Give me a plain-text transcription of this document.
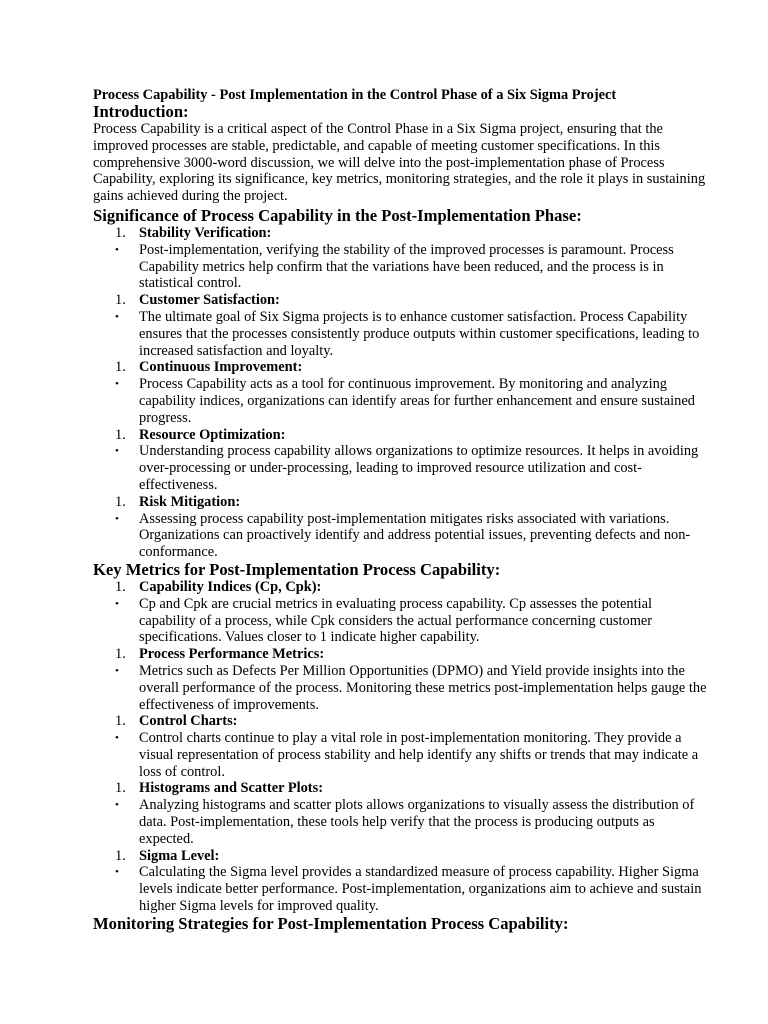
Process Capability - Post Implementation in the Control Phase of a Six Sigma Project
Introduction:

Process Capability is a critical aspect of the Control Phase in a Six Sigma project, ensuring that the improved processes are stable, predictable, and capable of meeting customer specifications. In this comprehensive 3000-word discussion, we will delve into the post-implementation phase of Process Capability, exploring its significance, key metrics, monitoring strategies, and the role it plays in sustaining gains achieved during the project.

Significance of Process Capability in the Post-Implementation Phase:
1. Stability Verification:
• Post-implementation, verifying the stability of the improved processes is paramount. Process Capability metrics help confirm that the variations have been reduced, and the process is in statistical control.
1. Customer Satisfaction:
• The ultimate goal of Six Sigma projects is to enhance customer satisfaction. Process Capability ensures that the processes consistently produce outputs within customer specifications, leading to increased satisfaction and loyalty.
1. Continuous Improvement:
• Process Capability acts as a tool for continuous improvement. By monitoring and analyzing capability indices, organizations can identify areas for further enhancement and ensure sustained progress.
1. Resource Optimization:
• Understanding process capability allows organizations to optimize resources. It helps in avoiding over-processing or under-processing, leading to improved resource utilization and cost-effectiveness.
1. Risk Mitigation:
• Assessing process capability post-implementation mitigates risks associated with variations. Organizations can proactively identify and address potential issues, preventing defects and non-conformance.
Key Metrics for Post-Implementation Process Capability:
1. Capability Indices (Cp, Cpk):
• Cp and Cpk are crucial metrics in evaluating process capability. Cp assesses the potential capability of a process, while Cpk considers the actual performance concerning customer specifications. Values closer to 1 indicate higher capability.
1. Process Performance Metrics:
• Metrics such as Defects Per Million Opportunities (DPMO) and Yield provide insights into the overall performance of the process. Monitoring these metrics post-implementation helps gauge the effectiveness of improvements.
1. Control Charts:
• Control charts continue to play a vital role in post-implementation monitoring. They provide a visual representation of process stability and help identify any shifts or trends that may indicate a loss of control.
1. Histograms and Scatter Plots:
• Analyzing histograms and scatter plots allows organizations to visually assess the distribution of data. Post-implementation, these tools help verify that the process is producing outputs as expected.
1. Sigma Level:
• Calculating the Sigma level provides a standardized measure of process capability. Higher Sigma levels indicate better performance. Post-implementation, organizations aim to achieve and sustain higher Sigma levels for improved quality.
Monitoring Strategies for Post-Implementation Process Capability:
